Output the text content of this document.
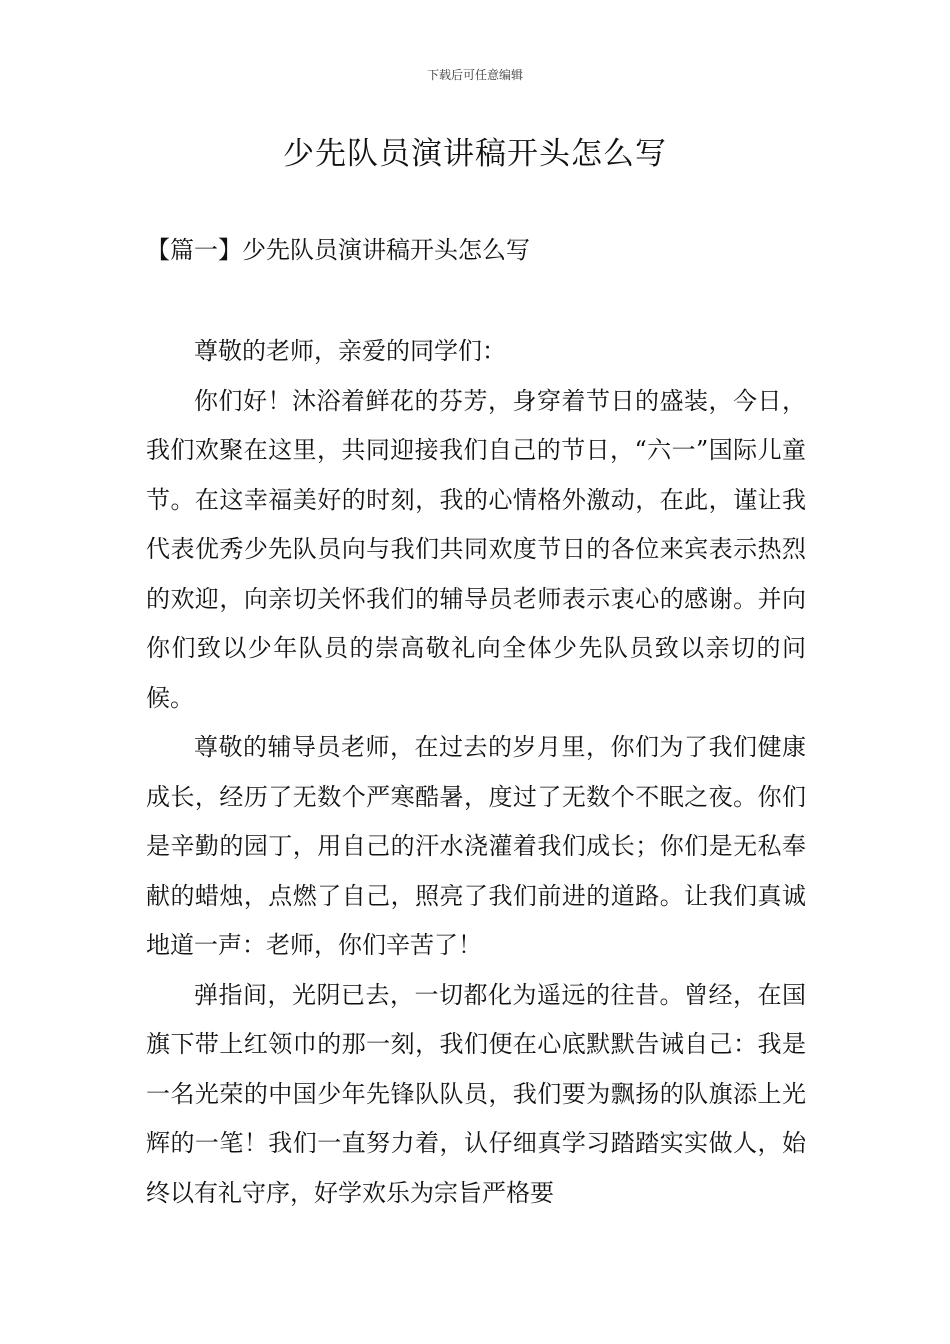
下载后可任意编辑
少先队员演讲稿开头怎么写
【篇一】少先队员演讲稿开头怎么写

尊敬的老师，亲爱的同学们：

你们好！沐浴着鲜花的芬芳，身穿着节日的盛装，今日，我们欢聚在这里，共同迎接我们自己的节日，“六一”国际儿童节。在这幸福美好的时刻，我的心情格外激动，在此，谨让我代表优秀少先队员向与我们共同欢度节日的各位来宾表示热烈的欢迎，向亲切关怀我们的辅导员老师表示衷心的感谢。并向你们致以少年队员的崇高敬礼向全体少先队员致以亲切的问候。

尊敬的辅导员老师，在过去的岁月里，你们为了我们健康成长，经历了无数个严寒酷暑，度过了无数个不眠之夜。你们是辛勤的园丁，用自己的汗水浇灌着我们成长；你们是无私奉献的蜡烛，点燃了自己，照亮了我们前进的道路。让我们真诚地道一声：老师，你们辛苦了！

弹指间，光阴已去，一切都化为遥远的往昔。曾经，在国旗下带上红领巾的那一刻，我们便在心底默默告诫自己：我是一名光荣的中国少年先锋队队员，我们要为飘扬的队旗添上光辉的一笔！我们一直努力着，认仔细真学习踏踏实实做人，始终以有礼守序，好学欢乐为宗旨严格要
